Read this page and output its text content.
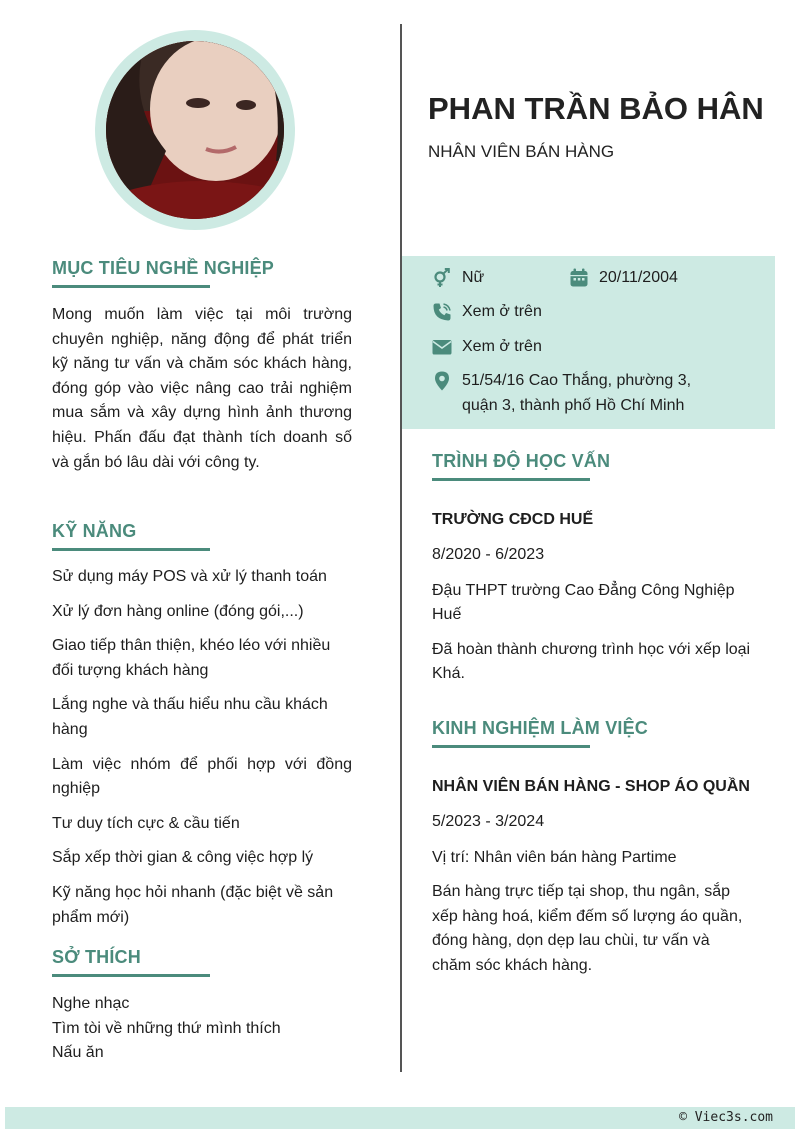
MỤC TIÊU NGHỀ NGHIỆP

Mong muốn làm việc tại môi trường chuyên nghiệp, năng động để phát triển kỹ năng tư vấn và chăm sóc khách hàng, đóng góp vào việc nâng cao trải nghiệm mua sắm và xây dựng hình ảnh thương hiệu. Phấn đấu đạt thành tích doanh số và gắn bó lâu dài với công ty.

KỸ NĂNG

Sử dụng máy POS và xử lý thanh toán

Xử lý đơn hàng online (đóng gói,...)

Giao tiếp thân thiện, khéo léo với nhiều đối tượng khách hàng

Lắng nghe và thấu hiểu nhu cầu khách hàng

Làm việc nhóm để phối hợp với đồng nghiệp

Tư duy tích cực & cầu tiến

Sắp xếp thời gian & công việc hợp lý

Kỹ năng học hỏi nhanh (đặc biệt về sản phẩm mới)

SỞ THÍCH

Nghe nhạc

Tìm tòi về những thứ mình thích

Nấu ăn

PHAN TRẦN BẢO HÂN

NHÂN VIÊN BÁN HÀNG

Nữ	20/11/2004
Xem ở trên
Xem ở trên
51/54/16 Cao Thắng, phường 3,
quận 3, thành phố Hồ Chí Minh
TRÌNH ĐỘ HỌC VẤN

TRƯỜNG CĐCD HUẾ

8/2020 - 6/2023

Đậu THPT trường Cao Đẳng Công Nghiệp Huế

Đã hoàn thành chương trình học với xếp loại Khá.

KINH NGHIỆM LÀM VIỆC

NHÂN VIÊN BÁN HÀNG - SHOP ÁO QUẦN

5/2023 - 3/2024

Vị trí: Nhân viên bán hàng Partime

Bán hàng trực tiếp tại shop, thu ngân, sắp xếp hàng hoá, kiểm đếm số lượng áo quần, đóng hàng, dọn dẹp lau chùi, tư vấn và chăm sóc khách hàng.

© Viec3s.com
